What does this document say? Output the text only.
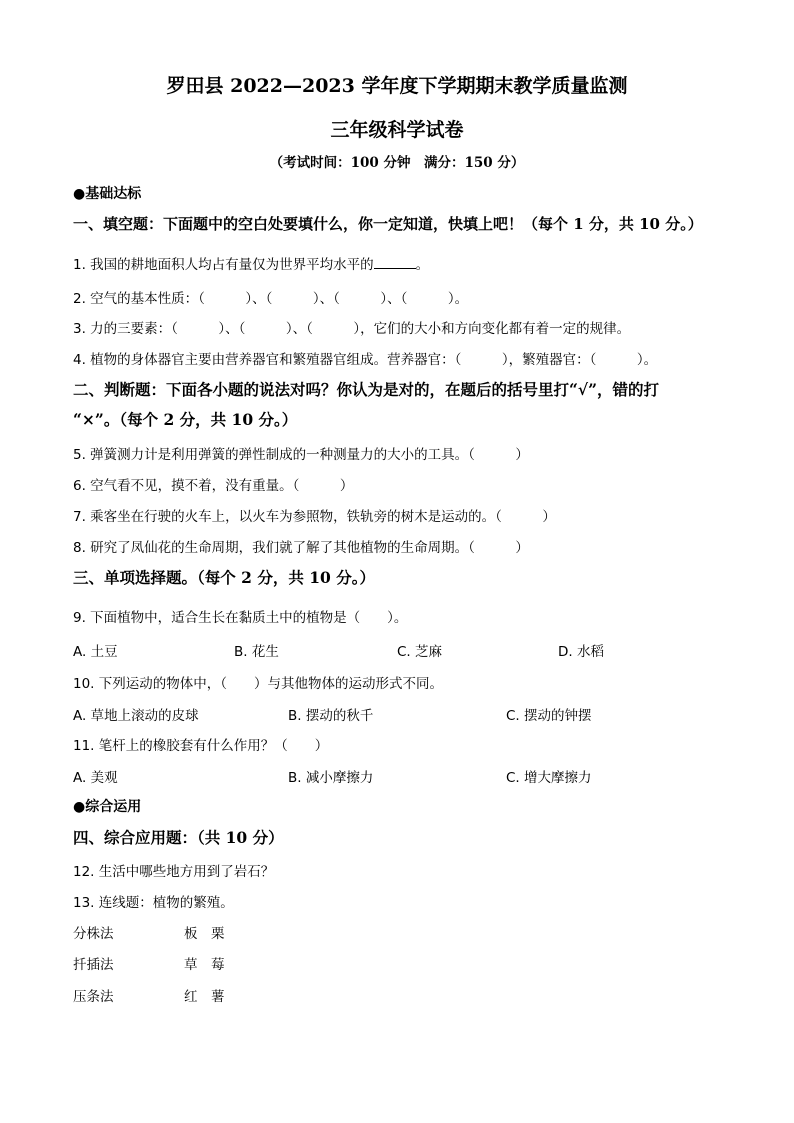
罗田县 2022—2023 学年度下学期期末教学质量监测
三年级科学试卷
（考试时间：100 分钟　满分：150 分）
●基础达标
一、填空题：下面题中的空白处要填什么，你一定知道，快填上吧！（每个 1 分，共 10 分。）
1. 我国的耕地面积人均占有量仅为世界平均水平的	。
2. 空气的基本性质：（　　　）、（　　　）、（　　　）、（　　　）。
3. 力的三要素：（　　　）、（　　　）、（　　　），它们的大小和方向变化都有着一定的规律。
4. 植物的身体器官主要由营养器官和繁殖器官组成。营养器官：（　　　），繁殖器官：（　　　）。
二、判断题：下面各小题的说法对吗？你认为是对的，在题后的括号里打“√”，错的打
“×”。（每个 2 分，共 10 分。）
5. 弹簧测力计是利用弹簧的弹性制成的一种测量力的大小的工具。（　　　）
6. 空气看不见，摸不着，没有重量。（　　　）
7. 乘客坐在行驶的火车上，以火车为参照物，铁轨旁的树木是运动的。（　　　）
8. 研究了凤仙花的生命周期，我们就了解了其他植物的生命周期。（　　　）
三、单项选择题。（每个 2 分，共 10 分。）
9. 下面植物中，适合生长在黏质土中的植物是（　　）。
A. 土豆	B. 花生	C. 芝麻	D. 水稻
10. 下列运动的物体中，（　　）与其他物体的运动形式不同。
A. 草地上滚动的皮球	B. 摆动的秋千	C. 摆动的钟摆
11. 笔杆上的橡胶套有什么作用？（　　）
A. 美观	B. 减小摩擦力	C. 增大摩擦力
●综合运用
四、综合应用题：（共 10 分）
12. 生活中哪些地方用到了岩石？
13. 连线题：植物的繁殖。
分株法	板　栗
扦插法	草　莓
压条法	红　薯
